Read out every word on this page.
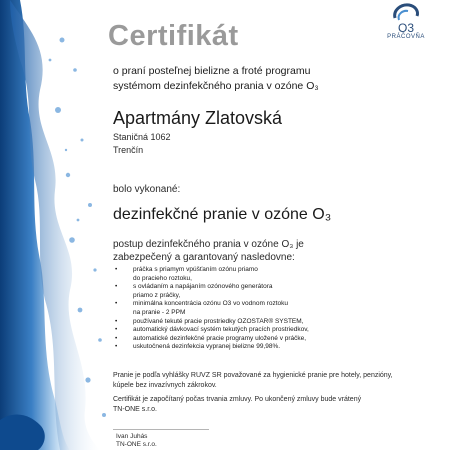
O3
PRÁČOVŇA
Certifikát
o praní posteľnej bielizne a froté programu
systémom dezinfekčného prania v ozóne O₃
Apartmány Zlatovská
Staničná 1062
Trenčín
bolo vykonané:
dezinfekčné pranie v ozóne O₃
postup dezinfekčného prania v ozóne O₃ je
zabezpečený a garantovaný nasledovne:
• práčka s priamym vpúšťaním ozónu priamo
do pracieho roztoku,
• s ovládaním a napájaním ozónového generátora
priamo z práčky,
• minimálna koncentrácia ozónu O3 vo vodnom roztoku
na pranie - 2 PPM
• používané tekuté pracie prostriedky OZOSTAR® SYSTEM,
• automatický dávkovací systém tekutých pracích prostriedkov,
• automatické dezinfekčné pracie programy uložené v práčke,
• uskutočnená dezinfekcia vypranej bielizne 99,98%.
Pranie je podľa vyhlášky RUVZ SR považované za hygienické pranie pre hotely, penzióny,
kúpele bez invazívnych zákrokov.
Certifikát je započítaný počas trvania zmluvy. Po ukončený zmluvy bude vrátený
TN-ONE s.r.o.
Ivan Juhás
TN-ONE s.r.o.
